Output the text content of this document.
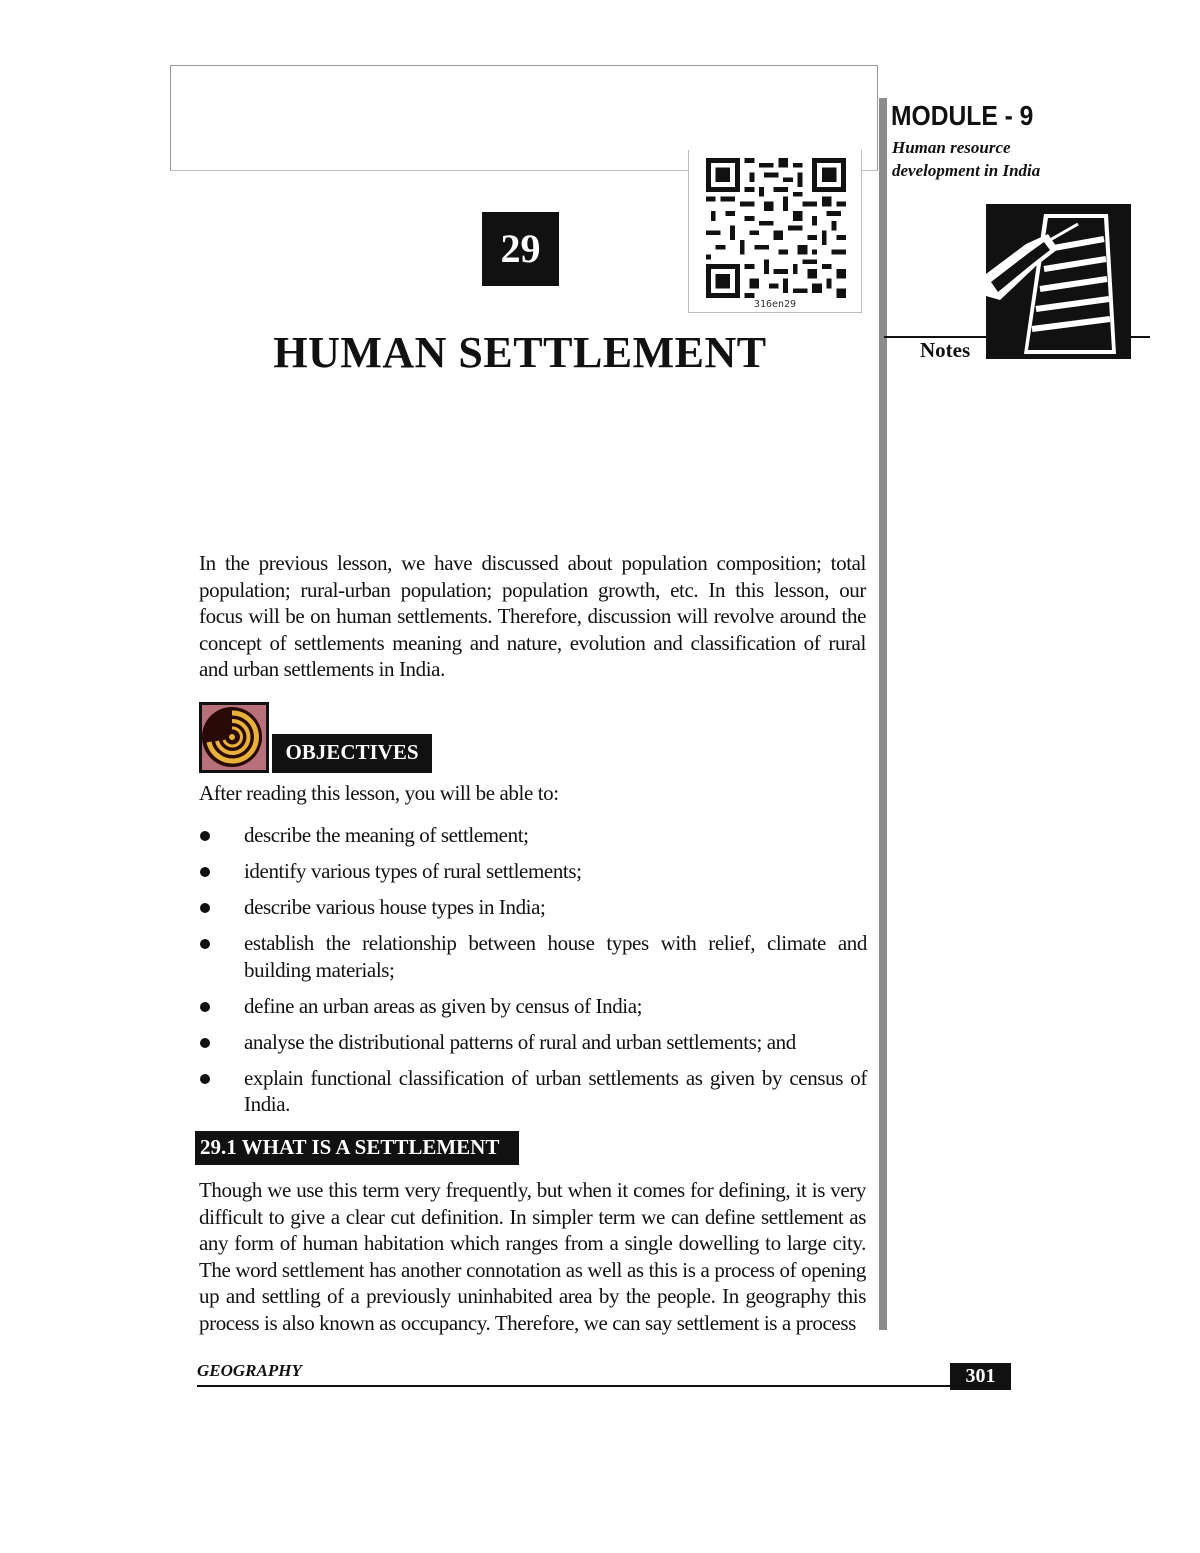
316en29
29
HUMAN SETTLEMENT
MODULE - 9
Human resource
development in India
Notes
In the previous lesson, we have discussed about population composition; total population; rural-urban population; population growth, etc. In this lesson, our focus will be on human settlements. Therefore, discussion will revolve around the concept of settlements meaning and nature, evolution and classification of rural and urban settlements in India.
OBJECTIVES
After reading this lesson, you will be able to:
describe the meaning of settlement;
identify various types of rural settlements;
describe various house types in India;
establish the relationship between house types with relief, climate and building materials;
define an urban areas as given by census of India;
analyse the distributional patterns of rural and urban settlements; and
explain functional classification of urban settlements as given by census of India.
29.1 WHAT IS A SETTLEMENT
Though we use this term very frequently, but when it comes for defining, it is very difficult to give a clear cut definition. In simpler term we can define settlement as any form of human habitation which ranges from a single dowelling to large city. The word settlement has another connotation as well as this is a process of opening up and settling of a previously uninhabited area by the people. In geography this process is also known as occupancy. Therefore, we can say settlement is a process
GEOGRAPHY	301
